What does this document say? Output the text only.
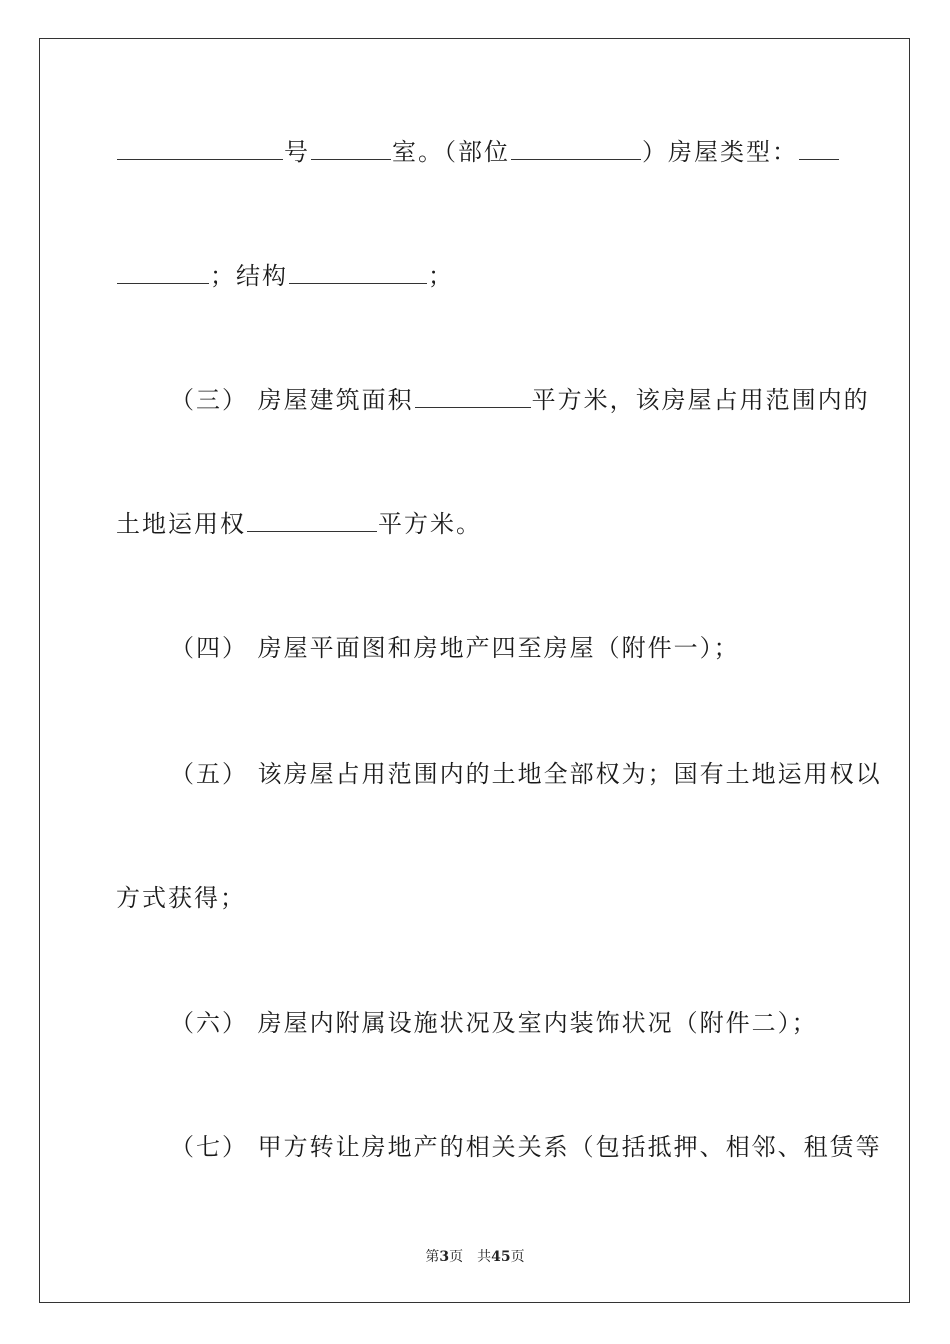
号	室。（部位	）房屋类型：
；结构	；
（三） 房屋建筑面积	平方米，该房屋占用范围内的
土地运用权	平方米。
（四） 房屋平面图和房地产四至房屋（附件一）；
（五） 该房屋占用范围内的土地全部权为；国有土地运用权以
方式获得；
（六） 房屋内附属设施状况及室内装饰状况（附件二）；
（七） 甲方转让房地产的相关关系（包括抵押、相邻、租赁等
第3页 共45页
